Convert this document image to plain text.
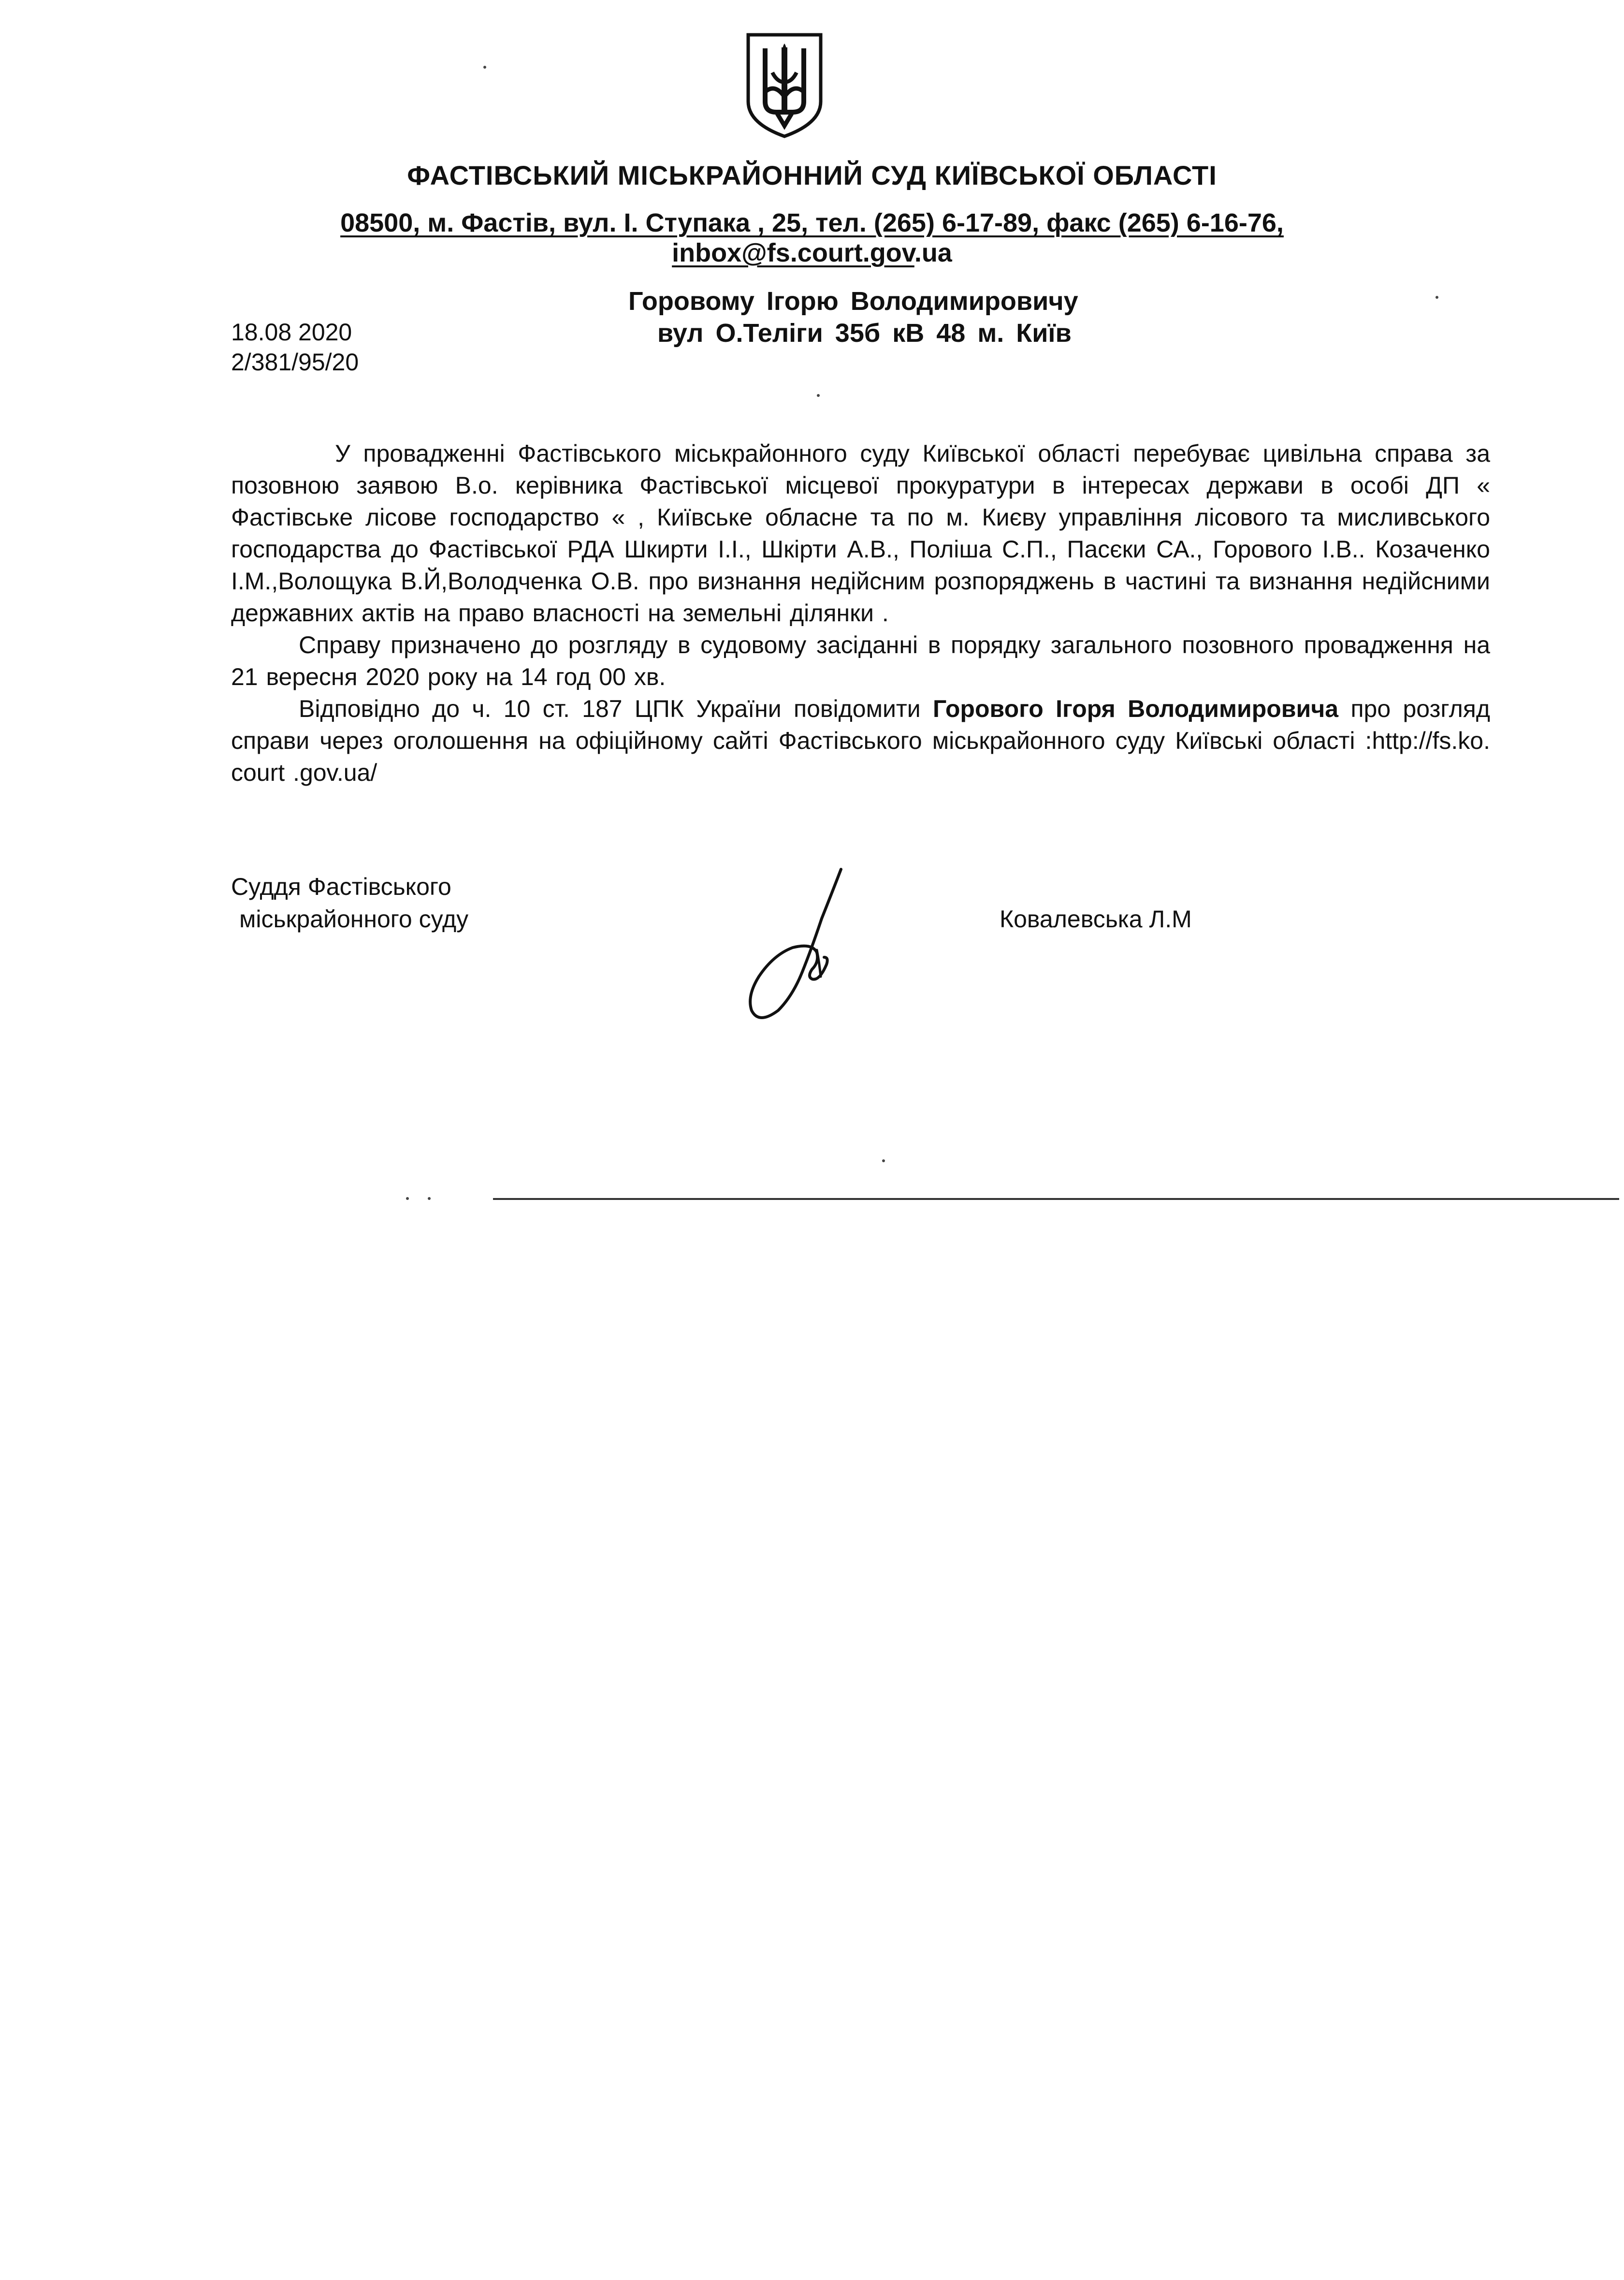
ФАСТІВСЬКИЙ МІСЬКРАЙОННИЙ СУД КИЇВСЬКОЇ ОБЛАСТІ
08500, м. Фастів, вул. І. Ступака , 25, тел. (265) 6-17-89, факс (265) 6-16-76,
inbox@fs.court.gov.ua
Горовому Ігорю Володимировичу
вул О.Теліги 35б кВ 48 м. Київ
18.08 2020
2/381/95/20

У провадженні Фастівського міськрайонного суду Київської області перебуває цивільна справа за позовною заявою В.о. керівника Фастівської місцевої прокуратури в інтересах держави в особі ДП « Фастівське лісове господарство « , Київське обласне та по м. Києву управління лісового та мисливського господарства до Фастівської РДА Шкирти І.І., Шкірти А.В., Поліша С.П., Пасєки СА., Горового І.В.. Козаченко І.М.,Волощука В.Й,Володченка О.В. про визнання недійсним розпоряджень в частині та визнання недійсними державних актів на право власності на земельні ділянки .

Справу призначено до розгляду в судовому засіданні в порядку загального позовного провадження на 21 вересня 2020 року на 14 год 00 хв.

Відповідно до ч. 10 ст. 187 ЦПК України повідомити Горового Ігоря Володимировича про розгляд справи через оголошення на офіційному сайті Фастівського міськрайонного суду Київські області :http://fs.ko. court .gov.ua/

Суддя Фастівського
міськрайонного суду	Ковалевська Л.М
